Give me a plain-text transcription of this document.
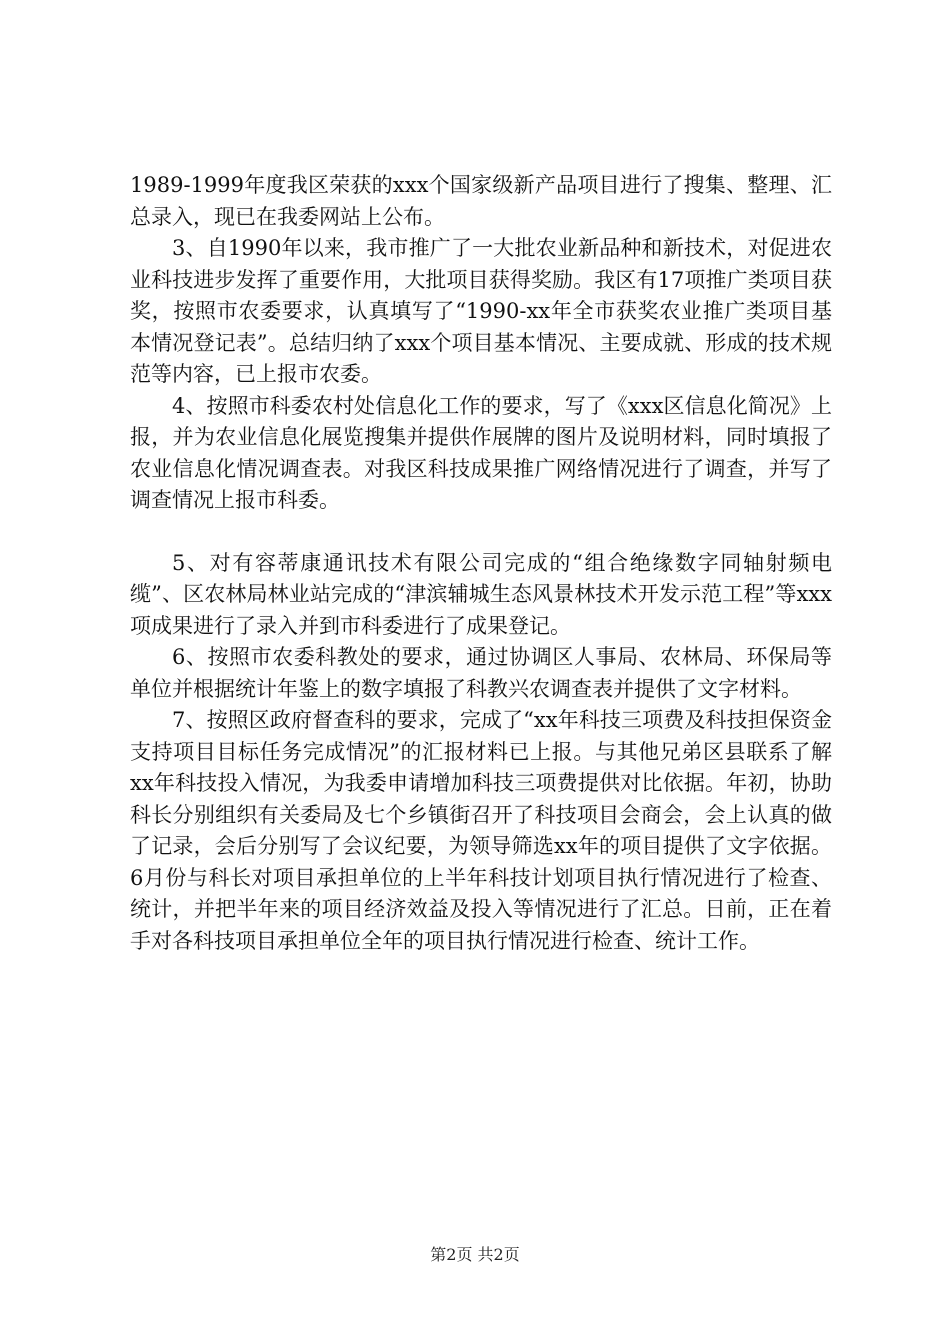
1989-1999年度我区荣获的xxx个国家级新产品项目进行了搜集、整理、汇总录入，现已在我委网站上公布。

3、自1990年以来，我市推广了一大批农业新品种和新技术，对促进农业科技进步发挥了重要作用，大批项目获得奖励。我区有17项推广类项目获奖，按照市农委要求，认真填写了“1990-xx年全市获奖农业推广类项目基本情况登记表”。总结归纳了xxx个项目基本情况、主要成就、形成的技术规范等内容，已上报市农委。

4、按照市科委农村处信息化工作的要求，写了《xxx区信息化简况》上报，并为农业信息化展览搜集并提供作展牌的图片及说明材料，同时填报了农业信息化情况调查表。对我区科技成果推广网络情况进行了调查，并写了调查情况上报市科委。

5、对有容蒂康通讯技术有限公司完成的“组合绝缘数字同轴射频电缆”、区农林局林业站完成的“津滨辅城生态风景林技术开发示范工程”等xxx项成果进行了录入并到市科委进行了成果登记。

6、按照市农委科教处的要求，通过协调区人事局、农林局、环保局等单位并根据统计年鉴上的数字填报了科教兴农调查表并提供了文字材料。

7、按照区政府督查科的要求，完成了“xx年科技三项费及科技担保资金支持项目目标任务完成情况”的汇报材料已上报。与其他兄弟区县联系了解xx年科技投入情况，为我委申请增加科技三项费提供对比依据。年初，协助科长分别组织有关委局及七个乡镇街召开了科技项目会商会，会上认真的做了记录，会后分别写了会议纪要，为领导筛选xx年的项目提供了文字依据。6月份与科长对项目承担单位的上半年科技计划项目执行情况进行了检查、统计，并把半年来的项目经济效益及投入等情况进行了汇总。日前，正在着手对各科技项目承担单位全年的项目执行情况进行检查、统计工作。

第2页 共2页
